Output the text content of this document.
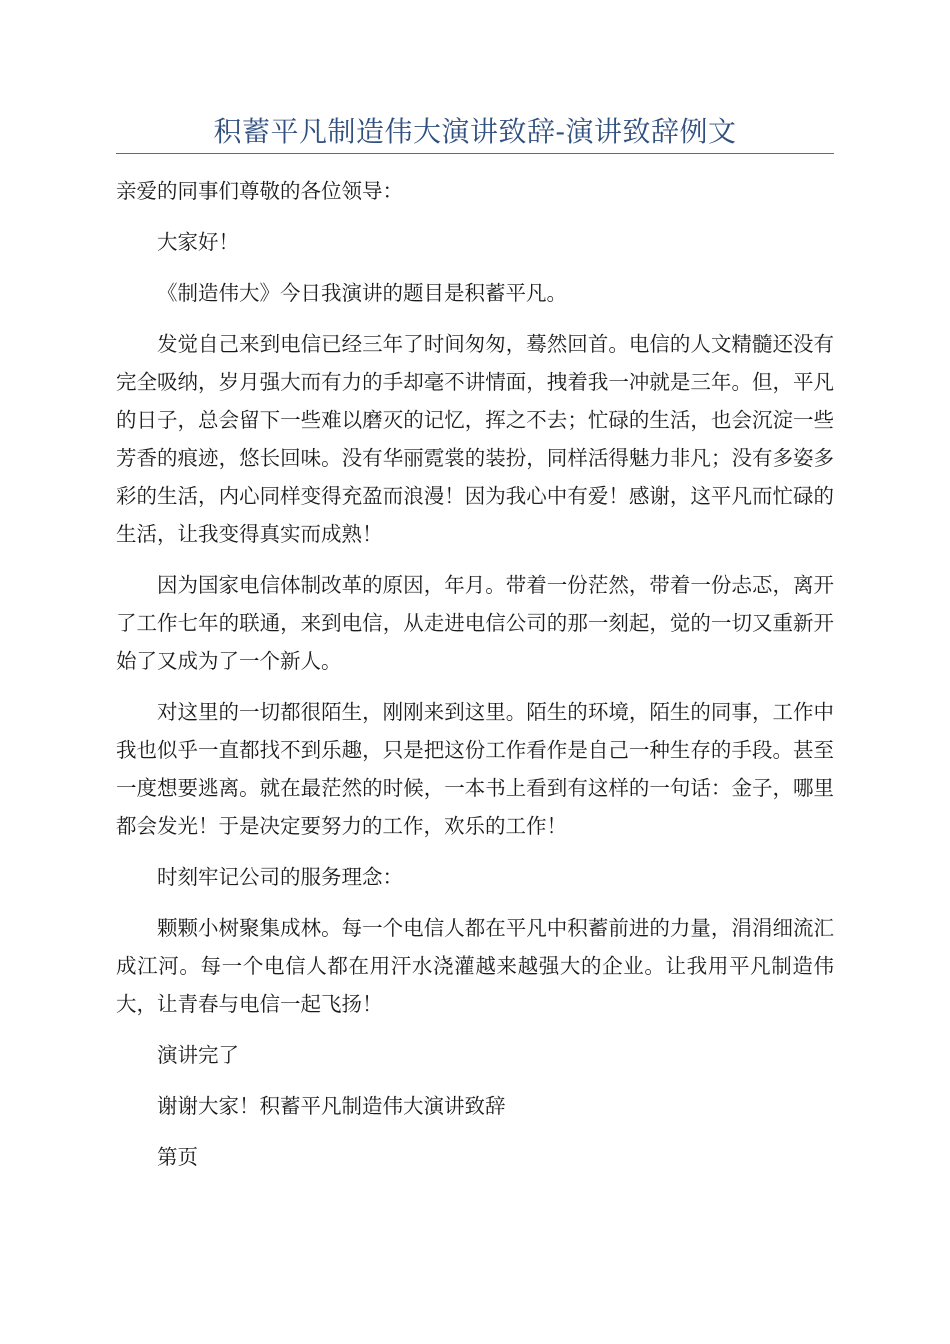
积蓄平凡制造伟大演讲致辞-演讲致辞例文

亲爱的同事们尊敬的各位领导：

大家好！

《制造伟大》今日我演讲的题目是积蓄平凡。

发觉自己来到电信已经三年了时间匆匆，蓦然回首。电信的人文精髓还没有完全吸纳，岁月强大而有力的手却毫不讲情面，拽着我一冲就是三年。但，平凡的日子，总会留下一些难以磨灭的记忆，挥之不去；忙碌的生活，也会沉淀一些芳香的痕迹，悠长回味。没有华丽霓裳的装扮，同样活得魅力非凡；没有多姿多彩的生活，内心同样变得充盈而浪漫！因为我心中有爱！感谢，这平凡而忙碌的生活，让我变得真实而成熟！

因为国家电信体制改革的原因，年月。带着一份茫然，带着一份忐忑，离开了工作七年的联通，来到电信，从走进电信公司的那一刻起，觉的一切又重新开始了又成为了一个新人。

对这里的一切都很陌生，刚刚来到这里。陌生的环境，陌生的同事，工作中我也似乎一直都找不到乐趣，只是把这份工作看作是自己一种生存的手段。甚至一度想要逃离。就在最茫然的时候，一本书上看到有这样的一句话：金子，哪里都会发光！于是决定要努力的工作，欢乐的工作！

时刻牢记公司的服务理念：

颗颗小树聚集成林。每一个电信人都在平凡中积蓄前进的力量，涓涓细流汇成江河。每一个电信人都在用汗水浇灌越来越强大的企业。让我用平凡制造伟大，让青春与电信一起飞扬！

演讲完了

谢谢大家！积蓄平凡制造伟大演讲致辞

第页
